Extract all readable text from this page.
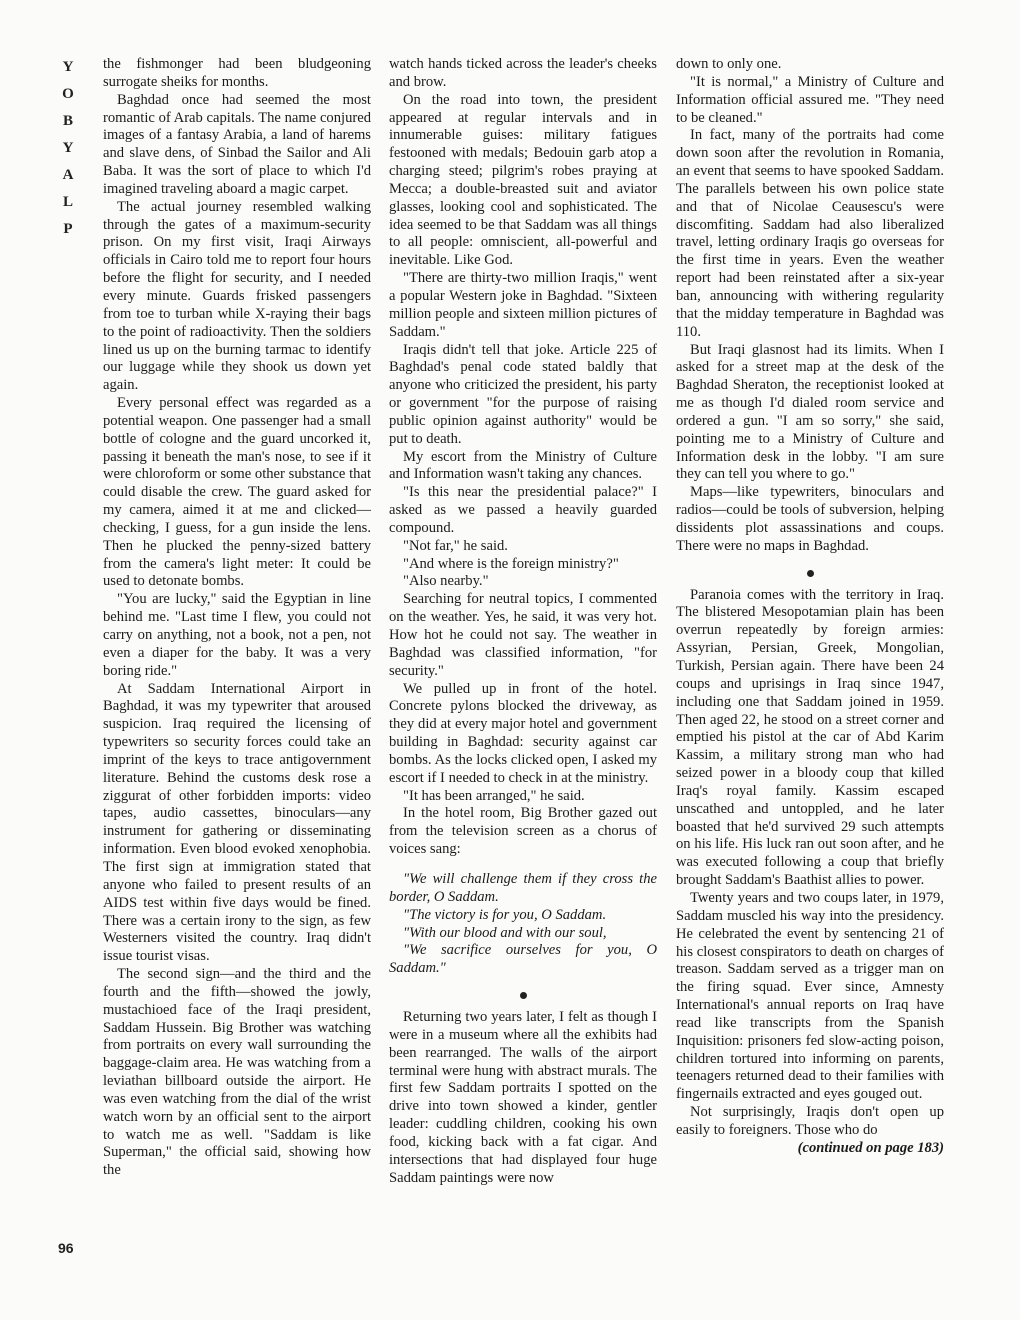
Y
O
B
Y
A
L
P
96

the fishmonger had been bludgeoning surrogate sheiks for months.

Baghdad once had seemed the most romantic of Arab capitals. The name conjured images of a fantasy Arabia, a land of harems and slave dens, of Sinbad the Sailor and Ali Baba. It was the sort of place to which I'd imagined traveling aboard a magic carpet.

The actual journey resembled walking through the gates of a maximum-security prison. On my first visit, Iraqi Airways officials in Cairo told me to report four hours before the flight for security, and I needed every minute. Guards frisked passengers from toe to turban while X-raying their bags to the point of radioactivity. Then the soldiers lined us up on the burning tarmac to identify our luggage while they shook us down yet again.

Every personal effect was regarded as a potential weapon. One passenger had a small bottle of cologne and the guard uncorked it, passing it beneath the man's nose, to see if it were chloroform or some other substance that could disable the crew. The guard asked for my camera, aimed it at me and clicked—checking, I guess, for a gun inside the lens. Then he plucked the penny-sized battery from the camera's light meter: It could be used to detonate bombs.

"You are lucky," said the Egyptian in line behind me. "Last time I flew, you could not carry on anything, not a book, not a pen, not even a diaper for the baby. It was a very boring ride."

At Saddam International Airport in Baghdad, it was my typewriter that aroused suspicion. Iraq required the licensing of typewriters so security forces could take an imprint of the keys to trace antigovernment literature. Behind the customs desk rose a ziggurat of other forbidden imports: video tapes, audio cassettes, binoculars—any instrument for gathering or disseminating information. Even blood evoked xenophobia. The first sign at immigration stated that anyone who failed to present results of an AIDS test within five days would be fined. There was a certain irony to the sign, as few Westerners visited the country. Iraq didn't issue tourist visas.

The second sign—and the third and the fourth and the fifth—showed the jowly, mustachioed face of the Iraqi president, Saddam Hussein. Big Brother was watching from portraits on every wall surrounding the baggage-claim area. He was watching from a leviathan billboard outside the airport. He was even watching from the dial of the wrist watch worn by an official sent to the airport to watch me as well. "Saddam is like Superman," the official said, showing how the

watch hands ticked across the leader's cheeks and brow.

On the road into town, the president appeared at regular intervals and in innumerable guises: military fatigues festooned with medals; Bedouin garb atop a charging steed; pilgrim's robes praying at Mecca; a double-breasted suit and aviator glasses, looking cool and sophisticated. The idea seemed to be that Saddam was all things to all people: omniscient, all-powerful and inevitable. Like God.

"There are thirty-two million Iraqis," went a popular Western joke in Baghdad. "Sixteen million people and sixteen million pictures of Saddam."

Iraqis didn't tell that joke. Article 225 of Baghdad's penal code stated baldly that anyone who criticized the president, his party or government "for the purpose of raising public opinion against authority" would be put to death.

My escort from the Ministry of Culture and Information wasn't taking any chances.

"Is this near the presidential palace?" I asked as we passed a heavily guarded compound.

"Not far," he said.

"And where is the foreign ministry?"

"Also nearby."

Searching for neutral topics, I commented on the weather. Yes, he said, it was very hot. How hot he could not say. The weather in Baghdad was classified information, "for security."

We pulled up in front of the hotel. Concrete pylons blocked the driveway, as they did at every major hotel and government building in Baghdad: security against car bombs. As the locks clicked open, I asked my escort if I needed to check in at the ministry.

"It has been arranged," he said.

In the hotel room, Big Brother gazed out from the television screen as a chorus of voices sang:

"We will challenge them if they cross the border, O Saddam.

"The victory is for you, O Saddam.

"With our blood and with our soul,

"We sacrifice ourselves for you, O Saddam."

Returning two years later, I felt as though I were in a museum where all the exhibits had been rearranged. The walls of the airport terminal were hung with abstract murals. The first few Saddam portraits I spotted on the drive into town showed a kinder, gentler leader: cuddling children, cooking his own food, kicking back with a fat cigar. And intersections that had displayed four huge Saddam paintings were now

down to only one.

"It is normal," a Ministry of Culture and Information official assured me. "They need to be cleaned."

In fact, many of the portraits had come down soon after the revolution in Romania, an event that seems to have spooked Saddam. The parallels between his own police state and that of Nicolae Ceausescu's were discomfiting. Saddam had also liberalized travel, letting ordinary Iraqis go overseas for the first time in years. Even the weather report had been reinstated after a six-year ban, announcing with withering regularity that the midday temperature in Baghdad was 110.

But Iraqi glasnost had its limits. When I asked for a street map at the desk of the Baghdad Sheraton, the receptionist looked at me as though I'd dialed room service and ordered a gun. "I am so sorry," she said, pointing me to a Ministry of Culture and Information desk in the lobby. "I am sure they can tell you where to go."

Maps—like typewriters, binoculars and radios—could be tools of subversion, helping dissidents plot assassinations and coups. There were no maps in Baghdad.

Paranoia comes with the territory in Iraq. The blistered Mesopotamian plain has been overrun repeatedly by foreign armies: Assyrian, Persian, Greek, Mongolian, Turkish, Persian again. There have been 24 coups and uprisings in Iraq since 1947, including one that Saddam joined in 1959. Then aged 22, he stood on a street corner and emptied his pistol at the car of Abd Karim Kassim, a military strong man who had seized power in a bloody coup that killed Iraq's royal family. Kassim escaped unscathed and untoppled, and he later boasted that he'd survived 29 such attempts on his life. His luck ran out soon after, and he was executed following a coup that briefly brought Saddam's Baathist allies to power.

Twenty years and two coups later, in 1979, Saddam muscled his way into the presidency. He celebrated the event by sentencing 21 of his closest conspirators to death on charges of treason. Saddam served as a trigger man on the firing squad. Ever since, Amnesty International's annual reports on Iraq have read like transcripts from the Spanish Inquisition: prisoners fed slow-acting poison, children tortured into informing on parents, teenagers returned dead to their families with fingernails extracted and eyes gouged out.

Not surprisingly, Iraqis don't open up easily to foreigners. Those who do

(continued on page 183)
